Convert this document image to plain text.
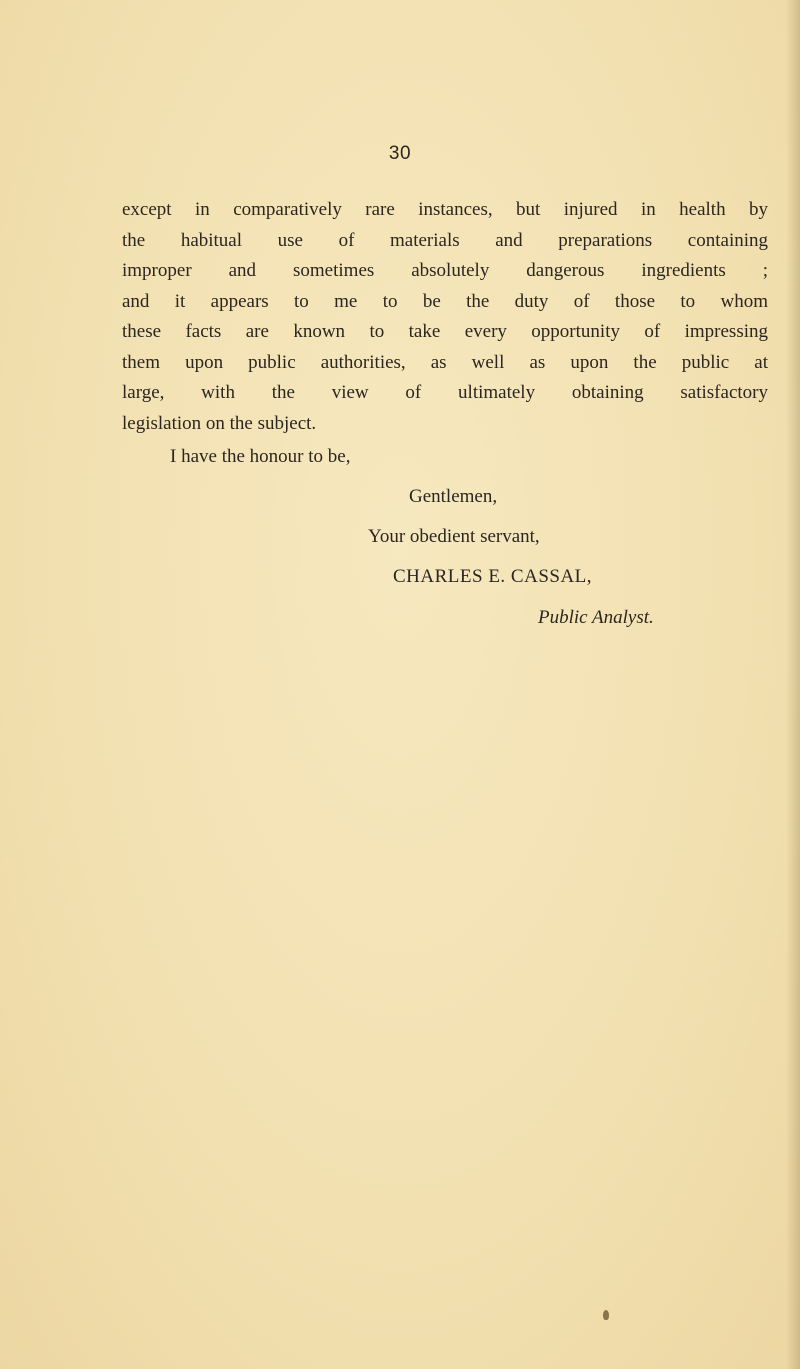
30
except in comparatively rare instances, but injured in health by
the habitual use of materials and preparations containing
improper and sometimes absolutely dangerous ingredients ;
and it appears to me to be the duty of those to whom
these facts are known to take every opportunity of impressing
them upon public authorities, as well as upon the public at
large, with the view of ultimately obtaining satisfactory
legislation on the subject.
I have the honour to be,
Gentlemen,
Your obedient servant,
CHARLES E. CASSAL,
Public Analyst.
